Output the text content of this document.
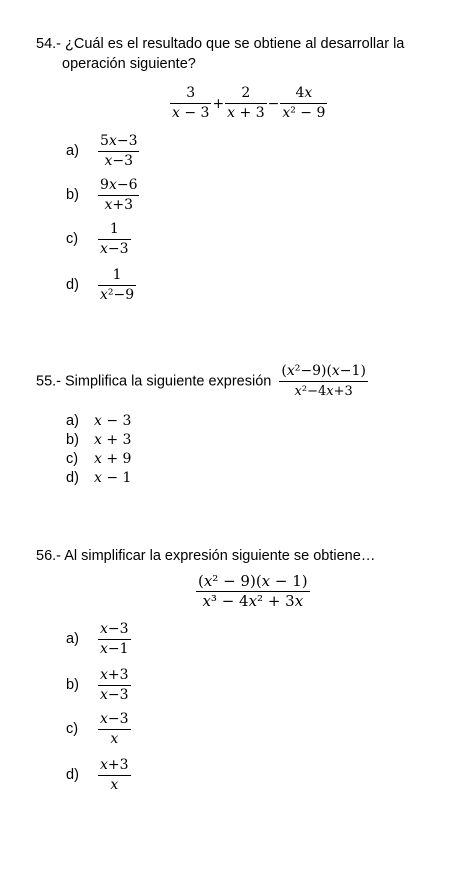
54.- ¿Cuál es el resultado que se obtiene al desarrollar la
operación siguiente?
$\frac{3}{\text{𝑥 − 3}} + \frac{2}{\text{𝑥 + 3}} - \frac{\text{4𝑥}}{\text{𝑥² − 9}}$
$a) \frac{\text{5𝑥−3}}{\text{𝑥−3}}$
$b) \frac{\text{9𝑥−6}}{\text{𝑥+3}}$
$c) \frac{1}{\text{𝑥−3}}$
$d) \frac{1}{\text{𝑥²−9}}$
55.- Simplifica la siguiente expresión $\frac{\text{(𝑥²−9)(𝑥−1)}}{\text{𝑥²−4𝑥+3}}$
a) 𝑥 − 3
b) 𝑥 + 3
c) 𝑥 + 9
d) 𝑥 − 1
56.- Al simplificar la expresión siguiente se obtiene…
$\frac{\text{(𝑥² − 9)(𝑥 − 1)}}{\text{𝑥³ − 4𝑥² + 3𝑥}}$
$a) \frac{\text{𝑥−3}}{\text{𝑥−1}}$
$b) \frac{\text{𝑥+3}}{\text{𝑥−3}}$
$c) \frac{\text{𝑥−3}}{\text{𝑥}}$
$d) \frac{\text{𝑥+3}}{\text{𝑥}}$
